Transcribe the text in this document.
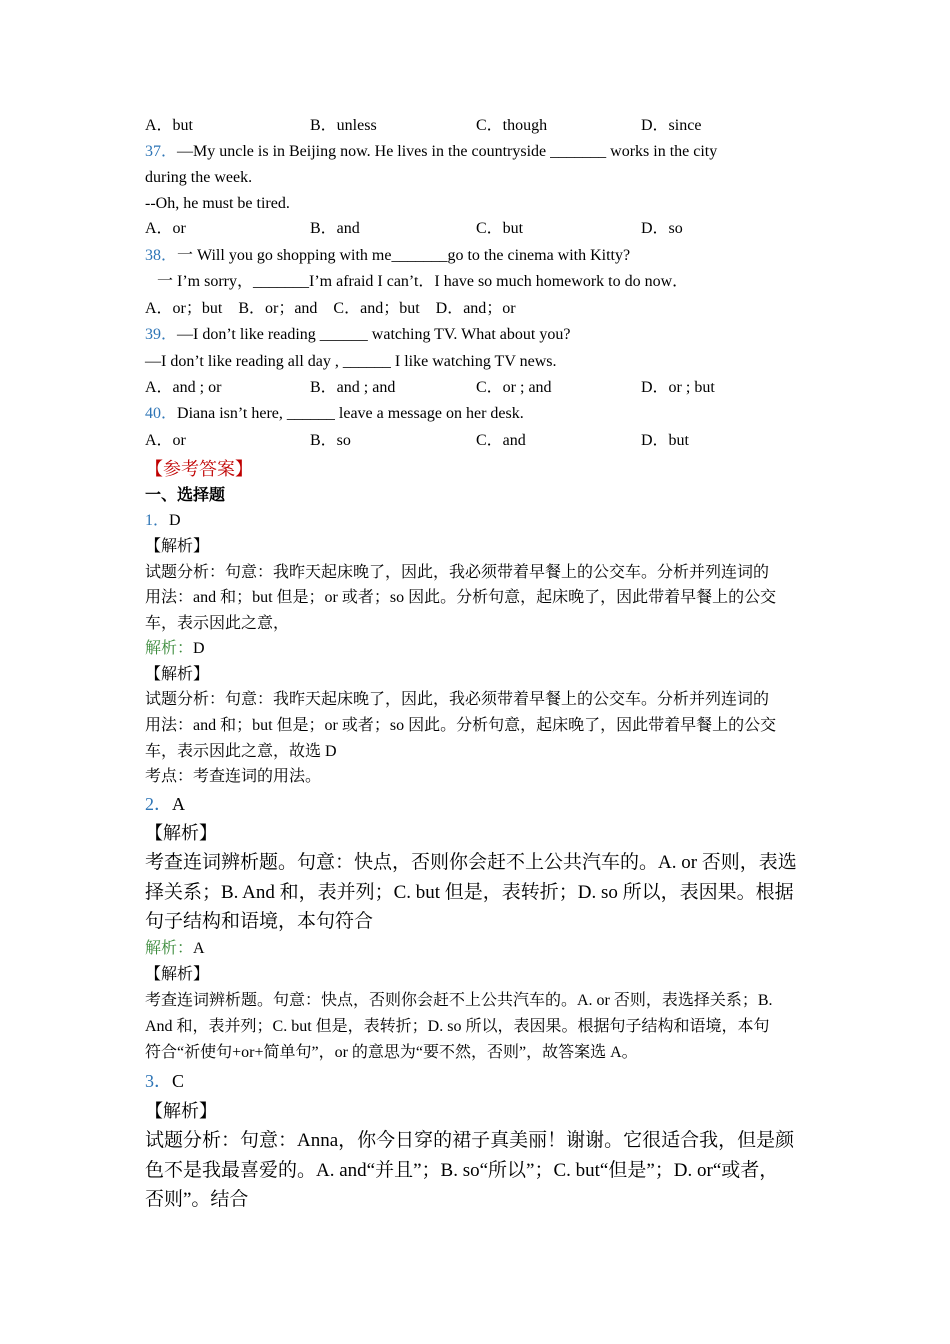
A．but	B．unless	C．though	D．since
37．—My uncle is in Beijing now. He lives in the countryside _______ works in the city
during the week.
--Oh, he must be tired.
A．or	B．and	C．but	D．so
38．一 Will you go shopping with me_______go to the cinema with Kitty?
一 I’m sorry，_______I’m afraid I can’t．I have so much homework to do now．
A．or；but　B．or；and　C．and；but　D．and；or
39．—I don’t like reading ______ watching TV. What about you?
—I don’t like reading all day , ______ I like watching TV news.
A．and ; or	B．and ; and	C．or ; and	D．or ; but
40．Diana isn’t here, ______ leave a message on her desk.
A．or	B．so	C．and	D．but
【参考答案】
一、选择题
1．D
【解析】
试题分析：句意：我昨天起床晚了，因此，我必须带着早餐上的公交车。分析并列连词的
用法：and 和；but 但是；or 或者；so 因此。分析句意，起床晚了，因此带着早餐上的公交
车，表示因此之意，
解析：D
【解析】
试题分析：句意：我昨天起床晚了，因此，我必须带着早餐上的公交车。分析并列连词的
用法：and 和；but 但是；or 或者；so 因此。分析句意，起床晚了，因此带着早餐上的公交
车，表示因此之意，故选 D
考点：考查连词的用法。
2．A
【解析】
考查连词辨析题。句意：快点，否则你会赶不上公共汽车的。A. or 否则，表选
择关系；B. And 和，表并列；C. but 但是，表转折；D. so 所以，表因果。根据
句子结构和语境，本句符合
解析：A
【解析】
考查连词辨析题。句意：快点，否则你会赶不上公共汽车的。A. or 否则，表选择关系；B.
And 和，表并列；C. but 但是，表转折；D. so 所以，表因果。根据句子结构和语境，本句
符合“祈使句+or+简单句”，or 的意思为“要不然，否则”，故答案选 A。
3．C
【解析】
试题分析：句意：Anna，你今日穿的裙子真美丽！谢谢。它很适合我，但是颜
色不是我最喜爱的。A. and“并且”；B. so“所以”；C. but“但是”；D. or“或者，
否则”。结合
